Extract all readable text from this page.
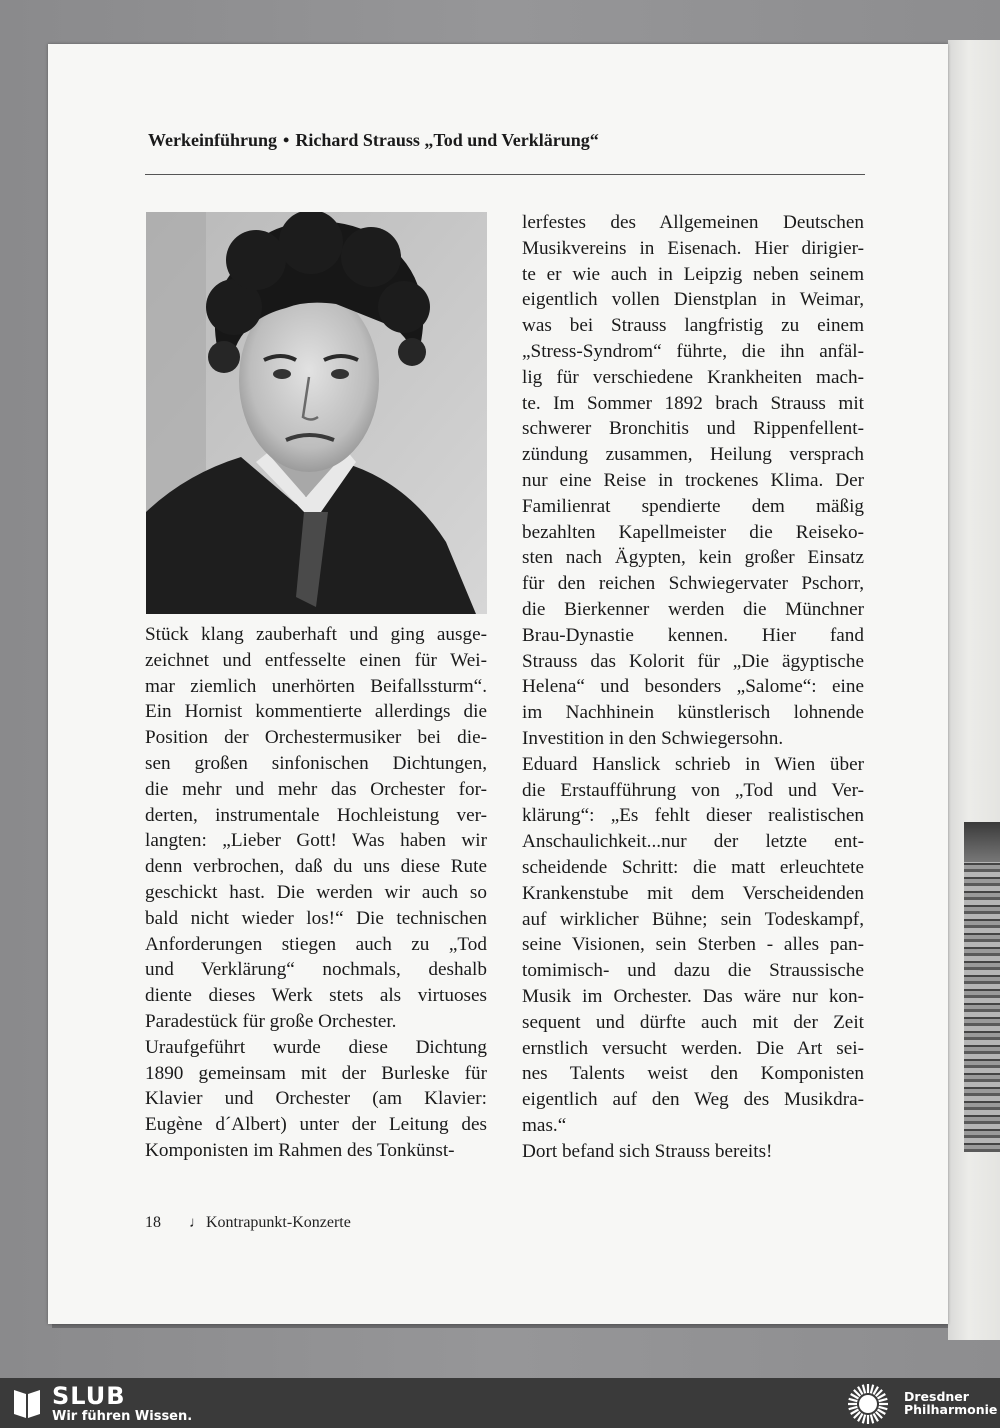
Werkeinführung • Richard Strauss „Tod und Verklärung“
Stück klang zauberhaft und ging ausge-
zeichnet und entfesselte einen für Wei-
mar ziemlich unerhörten Beifallssturm“.
Ein Hornist kommentierte allerdings die
Position der Orchestermusiker bei die-
sen großen sinfonischen Dichtungen,
die mehr und mehr das Orchester for-
derten, instrumentale Hochleistung ver-
langten: „Lieber Gott! Was haben wir
denn verbrochen, daß du uns diese Rute
geschickt hast. Die werden wir auch so
bald nicht wieder los!“ Die technischen
Anforderungen stiegen auch zu „Tod
und Verklärung“ nochmals, deshalb
diente dieses Werk stets als virtuoses
Paradestück für große Orchester.
Uraufgeführt wurde diese Dichtung
1890 gemeinsam mit der Burleske für
Klavier und Orchester (am Klavier:
Eugène d´Albert) unter der Leitung des
Komponisten im Rahmen des Tonkünst-
lerfestes des Allgemeinen Deutschen
Musikvereins in Eisenach. Hier dirigier-
te er wie auch in Leipzig neben seinem
eigentlich vollen Dienstplan in Weimar,
was bei Strauss langfristig zu einem
„Stress-Syndrom“ führte, die ihn anfäl-
lig für verschiedene Krankheiten mach-
te. Im Sommer 1892 brach Strauss mit
schwerer Bronchitis und Rippenfellent-
zündung zusammen, Heilung versprach
nur eine Reise in trockenes Klima. Der
Familienrat spendierte dem mäßig
bezahlten Kapellmeister die Reiseko-
sten nach Ägypten, kein großer Einsatz
für den reichen Schwiegervater Pschorr,
die Bierkenner werden die Münchner
Brau-Dynastie kennen. Hier fand
Strauss das Kolorit für „Die ägyptische
Helena“ und besonders „Salome“: eine
im Nachhinein künstlerisch lohnende
Investition in den Schwiegersohn.
Eduard Hanslick schrieb in Wien über
die Erstaufführung von „Tod und Ver-
klärung“: „Es fehlt dieser realistischen
Anschaulichkeit...nur der letzte ent-
scheidende Schritt: die matt erleuchtete
Krankenstube mit dem Verscheidenden
auf wirklicher Bühne; sein Todeskampf,
seine Visionen, sein Sterben - alles pan-
tomimisch- und dazu die Straussische
Musik im Orchester. Das wäre nur kon-
sequent und dürfte auch mit der Zeit
ernstlich versucht werden. Die Art sei-
nes Talents weist den Komponisten
eigentlich auf den Weg des Musikdra-
mas.“
Dort befand sich Strauss bereits!
18 ♩ Kontrapunkt-Konzerte
SLUB
Wir führen Wissen.
Dresdner
Philharmonie
